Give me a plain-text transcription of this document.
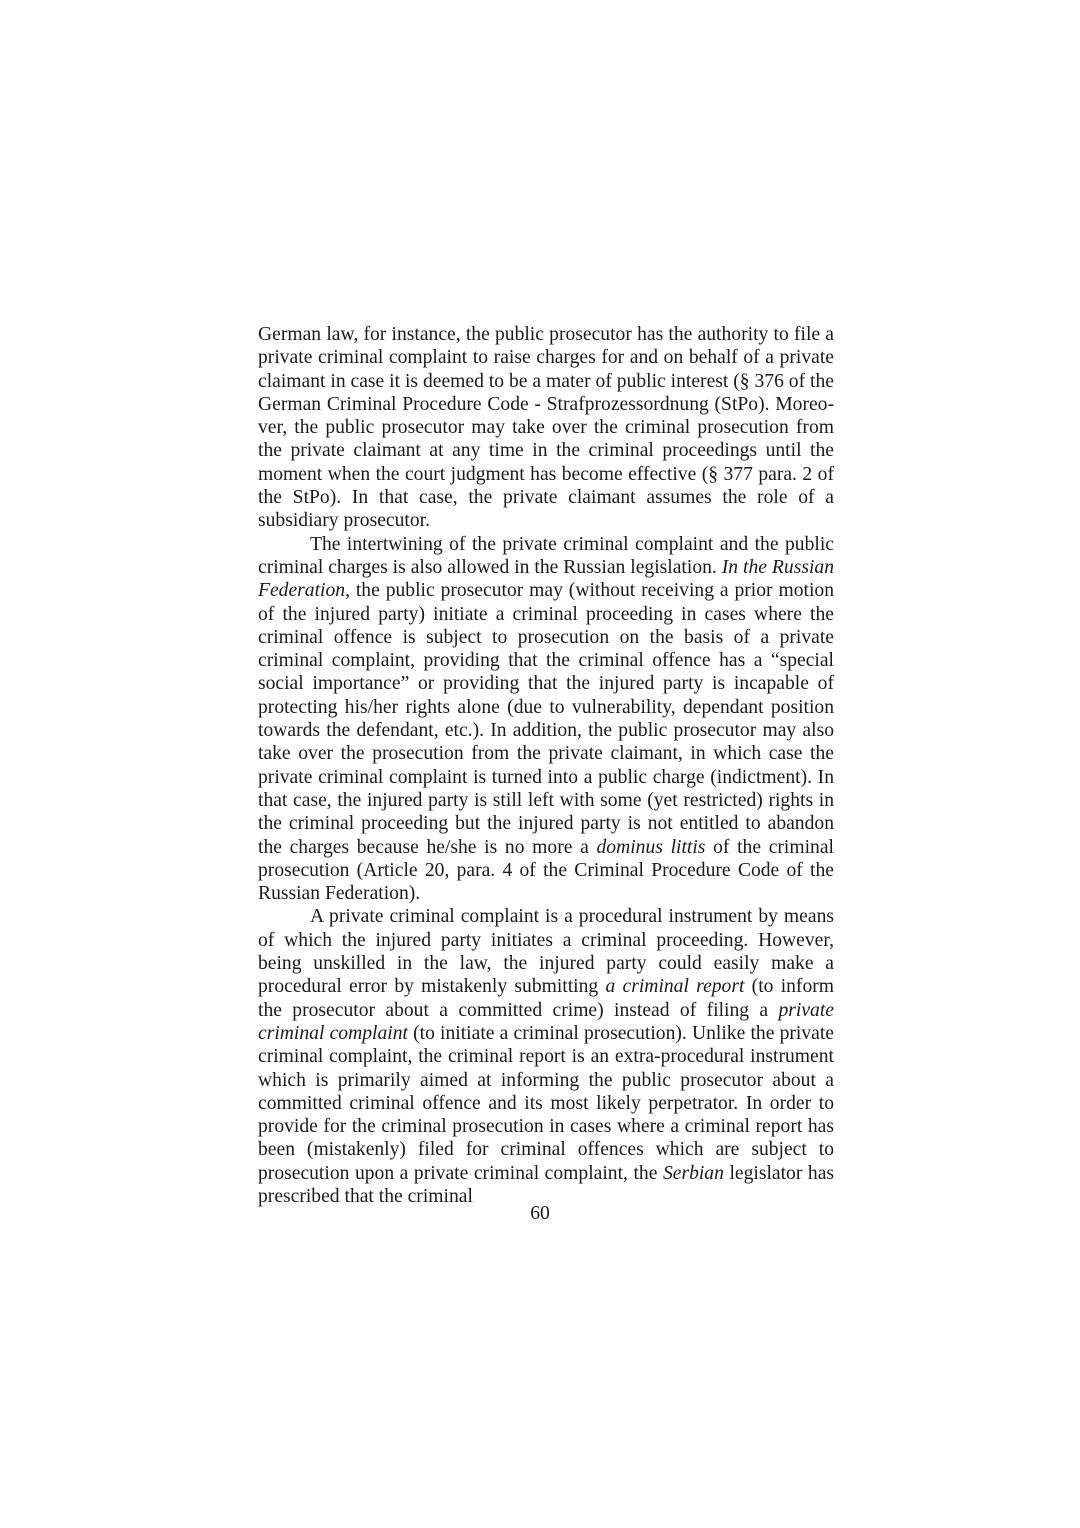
German law, for instance, the public prosecutor has the authority to file a private criminal complaint to raise charges for and on behalf of a private claimant in case it is deemed to be a mater of public interest (§ 376 of the German Criminal Procedure Code - Strafprozessordnung (StPo). Moreo-ver, the public prosecutor may take over the criminal prosecution from the private claimant at any time in the criminal proceedings until the moment when the court judgment has become effective (§ 377 para. 2 of the StPo). In that case, the private claimant assumes the role of a subsidiary prosecutor.

The intertwining of the private criminal complaint and the public criminal charges is also allowed in the Russian legislation. In the Russian Federation, the public prosecutor may (without receiving a prior motion of the injured party) initiate a criminal proceeding in cases where the criminal offence is subject to prosecution on the basis of a private criminal complaint, providing that the criminal offence has a “special social importance” or providing that the injured party is incapable of protecting his/her rights alone (due to vulnerability, dependant position towards the defendant, etc.). In addition, the public prosecutor may also take over the prosecution from the private claimant, in which case the private criminal complaint is turned into a public charge (indictment). In that case, the injured party is still left with some (yet restricted) rights in the criminal proceeding but the injured party is not entitled to abandon the charges because he/she is no more a dominus littis of the criminal prosecution (Article 20, para. 4 of the Criminal Procedure Code of the Russian Federation).

A private criminal complaint is a procedural instrument by means of which the injured party initiates a criminal proceeding. However, being unskilled in the law, the injured party could easily make a procedural error by mistakenly submitting a criminal report (to inform the prosecutor about a committed crime) instead of filing a private criminal complaint (to initiate a criminal prosecution). Unlike the private criminal complaint, the criminal report is an extra-procedural instrument which is primarily aimed at informing the public prosecutor about a committed criminal offence and its most likely perpetrator. In order to provide for the criminal prosecution in cases where a criminal report has been (mistakenly) filed for criminal offences which are subject to prosecution upon a private criminal complaint, the Serbian legislator has prescribed that the criminal

60
